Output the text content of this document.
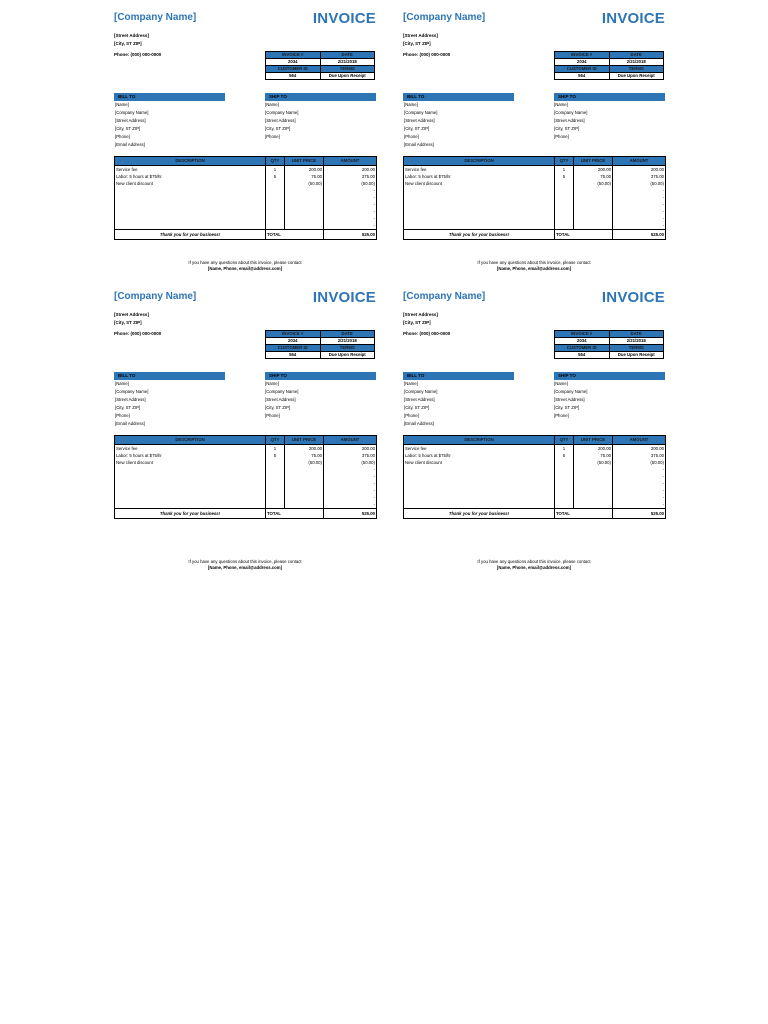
[Company Name]	INVOICE
[Street Address]
[City, ST ZIP]
Phone: (000) 000-0000	INVOICE #	DATE
2034	2/21/2018
CUSTOMER ID	TERMS
564	Due Upon Receipt
BILL TO	SHIP TO
[Name]
[Company Name]
[Street Address]
[City, ST ZIP]
[Phone]
[Email Address]
[Name]
[Company Name]
[Street Address]
[City, ST ZIP]
[Phone]
DESCRIPTION	QTY	UNIT PRICE	AMOUNT
Service fee	1	200.00	200.00
Labor: 5 hours at $75/hr	5	75.00	375.00
New client discount		(50.00)	(50.00)
			-
			-
			-
			-
			-
			-
Thank you for your business!	TOTAL		525.00
If you have any questions about this invoice, please contact
[Name, Phone, email@address.com]
[Company Name]	INVOICE
[Street Address]
[City, ST ZIP]
Phone: (000) 000-0000	INVOICE #	DATE
2034	2/21/2018
CUSTOMER ID	TERMS
564	Due Upon Receipt
BILL TO	SHIP TO
[Name]
[Company Name]
[Street Address]
[City, ST ZIP]
[Phone]
[Email Address]
[Name]
[Company Name]
[Street Address]
[City, ST ZIP]
[Phone]
DESCRIPTION	QTY	UNIT PRICE	AMOUNT
Service fee	1	200.00	200.00
Labor: 5 hours at $75/hr	5	75.00	375.00
New client discount		(50.00)	(50.00)
			-
			-
			-
			-
			-
			-
Thank you for your business!	TOTAL		525.00
If you have any questions about this invoice, please contact
[Name, Phone, email@address.com]
[Company Name]	INVOICE
[Street Address]
[City, ST ZIP]
Phone: (000) 000-0000	INVOICE #	DATE
2034	2/21/2018
CUSTOMER ID	TERMS
564	Due Upon Receipt
BILL TO	SHIP TO
[Name]
[Company Name]
[Street Address]
[City, ST ZIP]
[Phone]
[Email Address]
[Name]
[Company Name]
[Street Address]
[City, ST ZIP]
[Phone]
DESCRIPTION	QTY	UNIT PRICE	AMOUNT
Service fee	1	200.00	200.00
Labor: 5 hours at $75/hr	5	75.00	375.00
New client discount		(50.00)	(50.00)
			-
			-
			-
			-
			-
			-
Thank you for your business!	TOTAL		525.00
If you have any questions about this invoice, please contact
[Name, Phone, email@address.com]
[Company Name]	INVOICE
[Street Address]
[City, ST ZIP]
Phone: (000) 000-0000	INVOICE #	DATE
2034	2/21/2018
CUSTOMER ID	TERMS
564	Due Upon Receipt
BILL TO	SHIP TO
[Name]
[Company Name]
[Street Address]
[City, ST ZIP]
[Phone]
[Email Address]
[Name]
[Company Name]
[Street Address]
[City, ST ZIP]
[Phone]
DESCRIPTION	QTY	UNIT PRICE	AMOUNT
Service fee	1	200.00	200.00
Labor: 5 hours at $75/hr	5	75.00	375.00
New client discount		(50.00)	(50.00)
			-
			-
			-
			-
			-
			-
Thank you for your business!	TOTAL		525.00
If you have any questions about this invoice, please contact
[Name, Phone, email@address.com]
